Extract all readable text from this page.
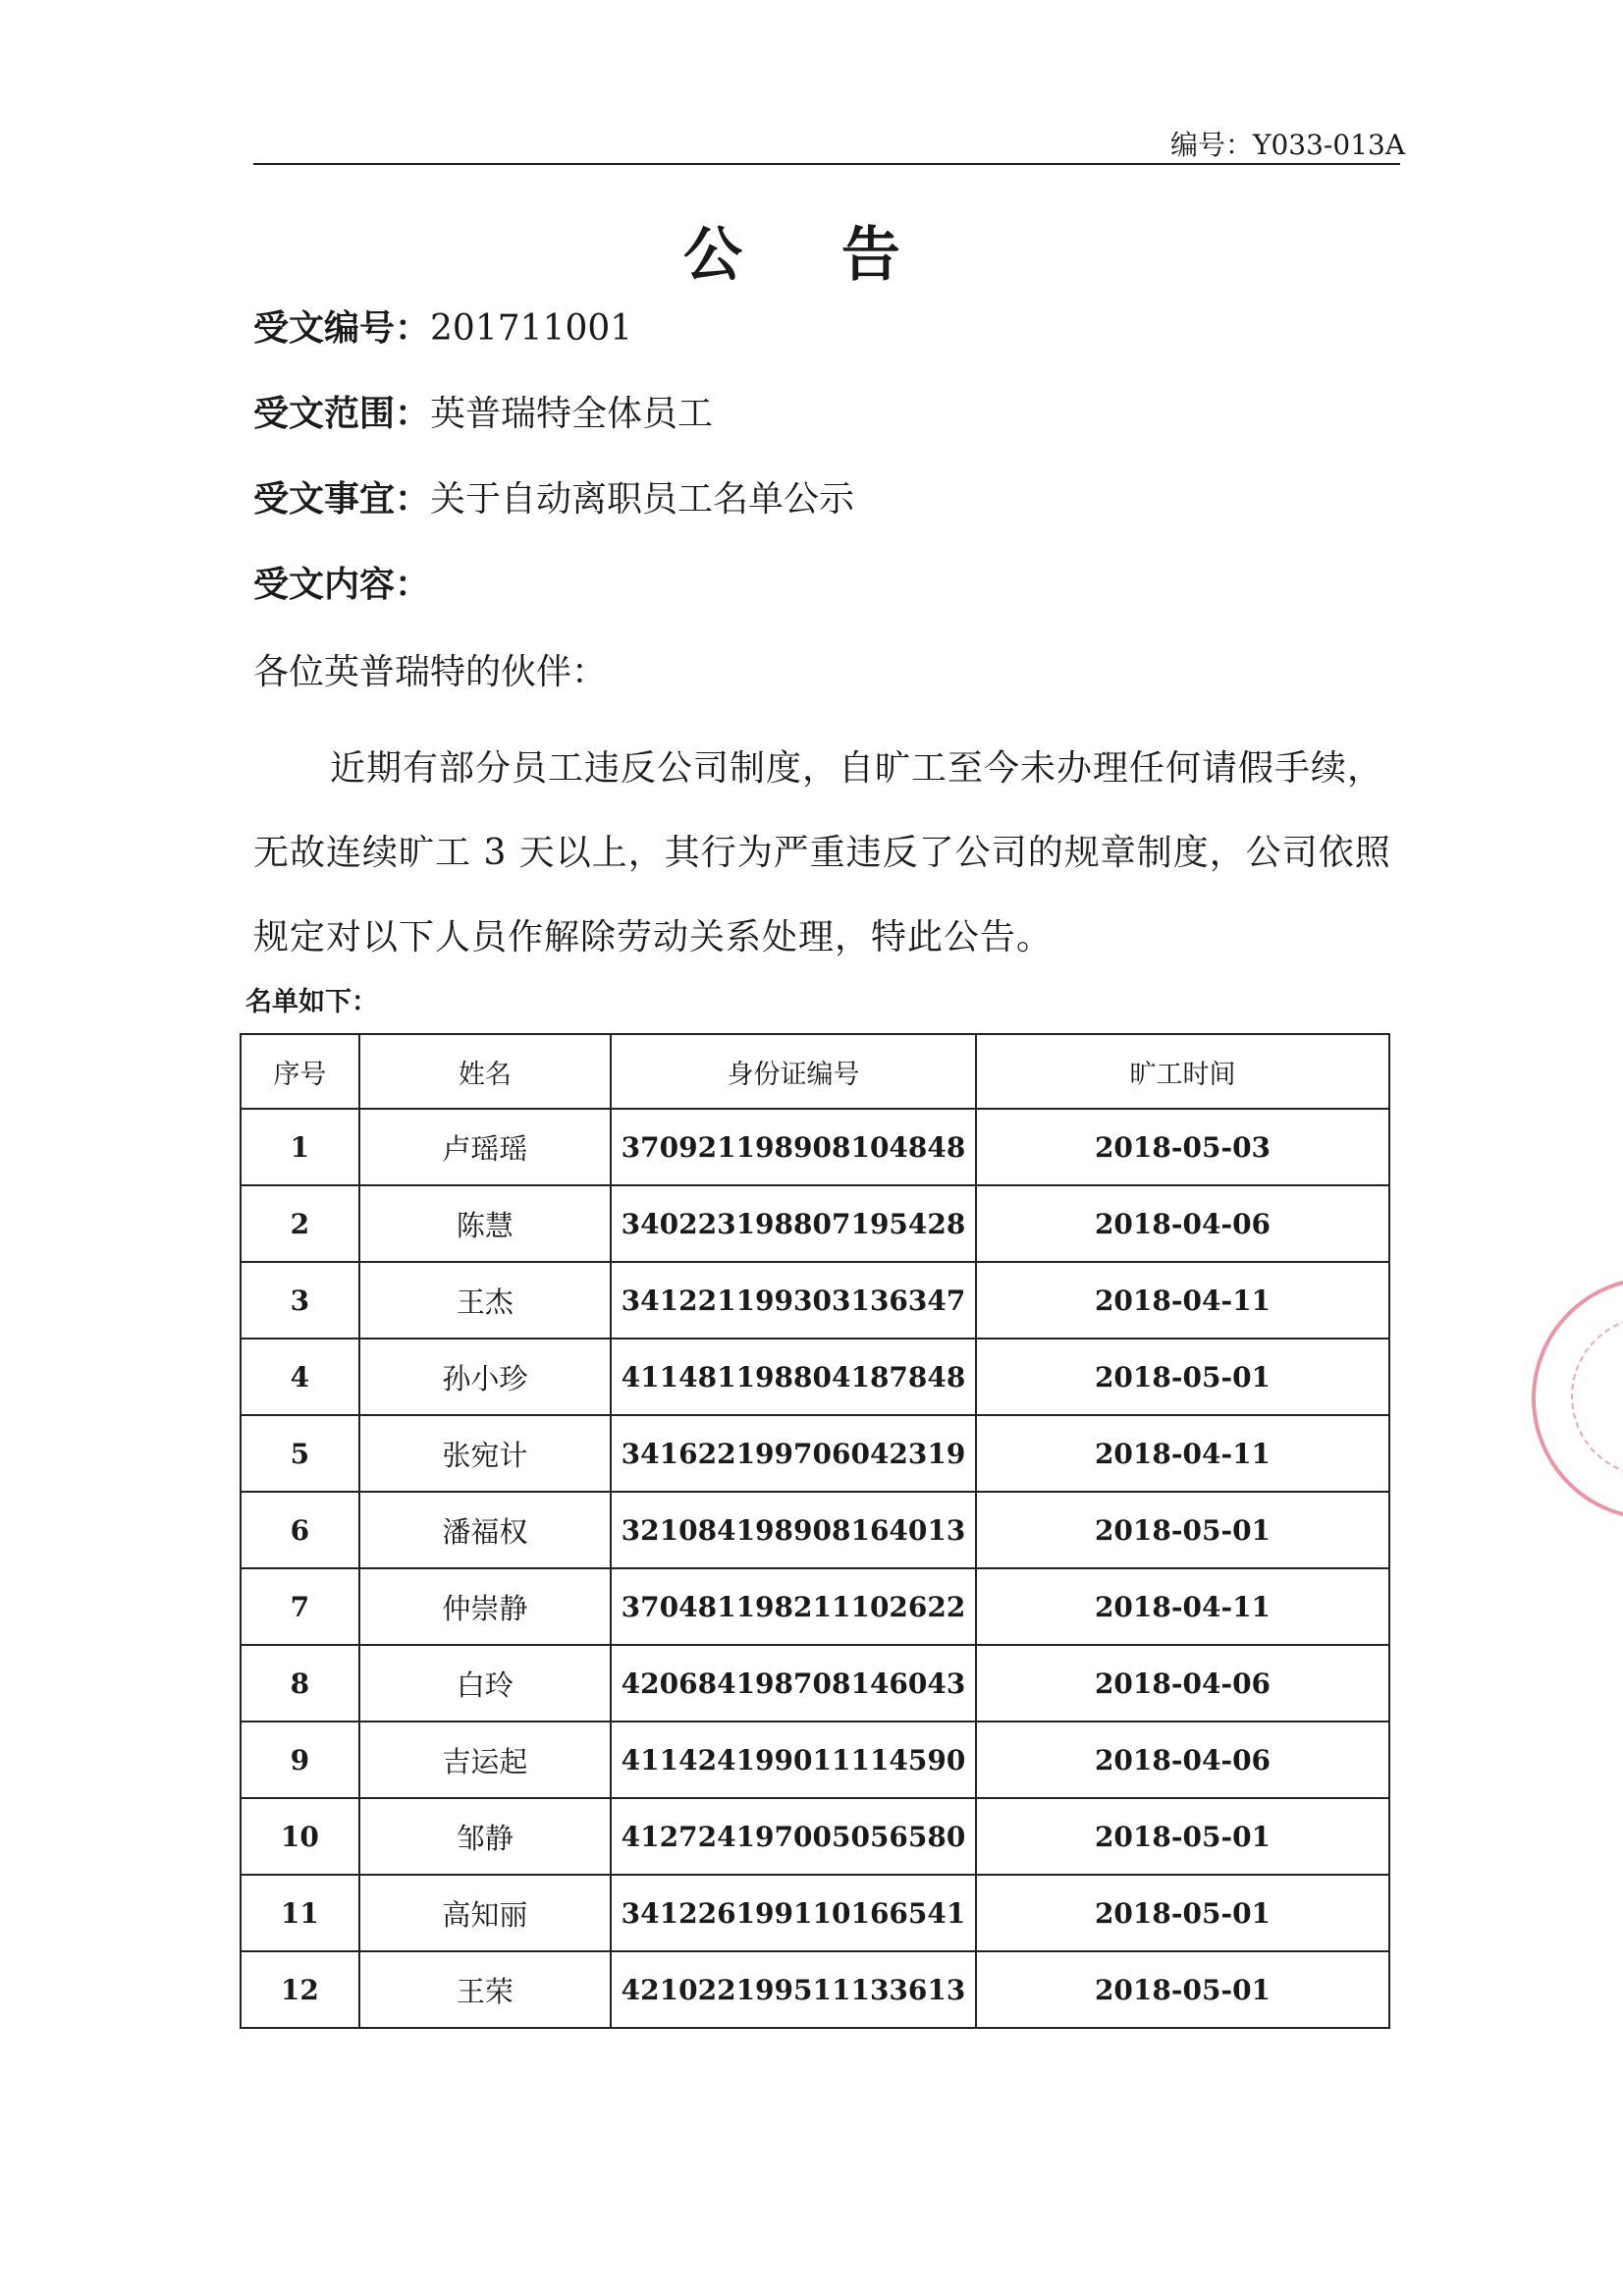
编号：Y033-013A
公 告
受文编号：201711001
受文范围：英普瑞特全体员工
受文事宜：关于自动离职员工名单公示
受文内容：
各位英普瑞特的伙伴：
近期有部分员工违反公司制度，自旷工至今未办理任何请假手续，无故连续旷工 3 天以上，其行为严重违反了公司的规章制度，公司依照规定对以下人员作解除劳动关系处理，特此公告。
名单如下：
序号	姓名	身份证编号	旷工时间
1	卢瑶瑶	370921198908104848	2018-05-03
2	陈慧	340223198807195428	2018-04-06
3	王杰	341221199303136347	2018-04-11
4	孙小珍	411481198804187848	2018-05-01
5	张宛计	341622199706042319	2018-04-11
6	潘福权	321084198908164013	2018-05-01
7	仲崇静	370481198211102622	2018-04-11
8	白玲	420684198708146043	2018-04-06
9	吉运起	411424199011114590	2018-04-06
10	邹静	412724197005056580	2018-05-01
11	高知丽	341226199110166541	2018-05-01
12	王荣	421022199511133613	2018-05-01
